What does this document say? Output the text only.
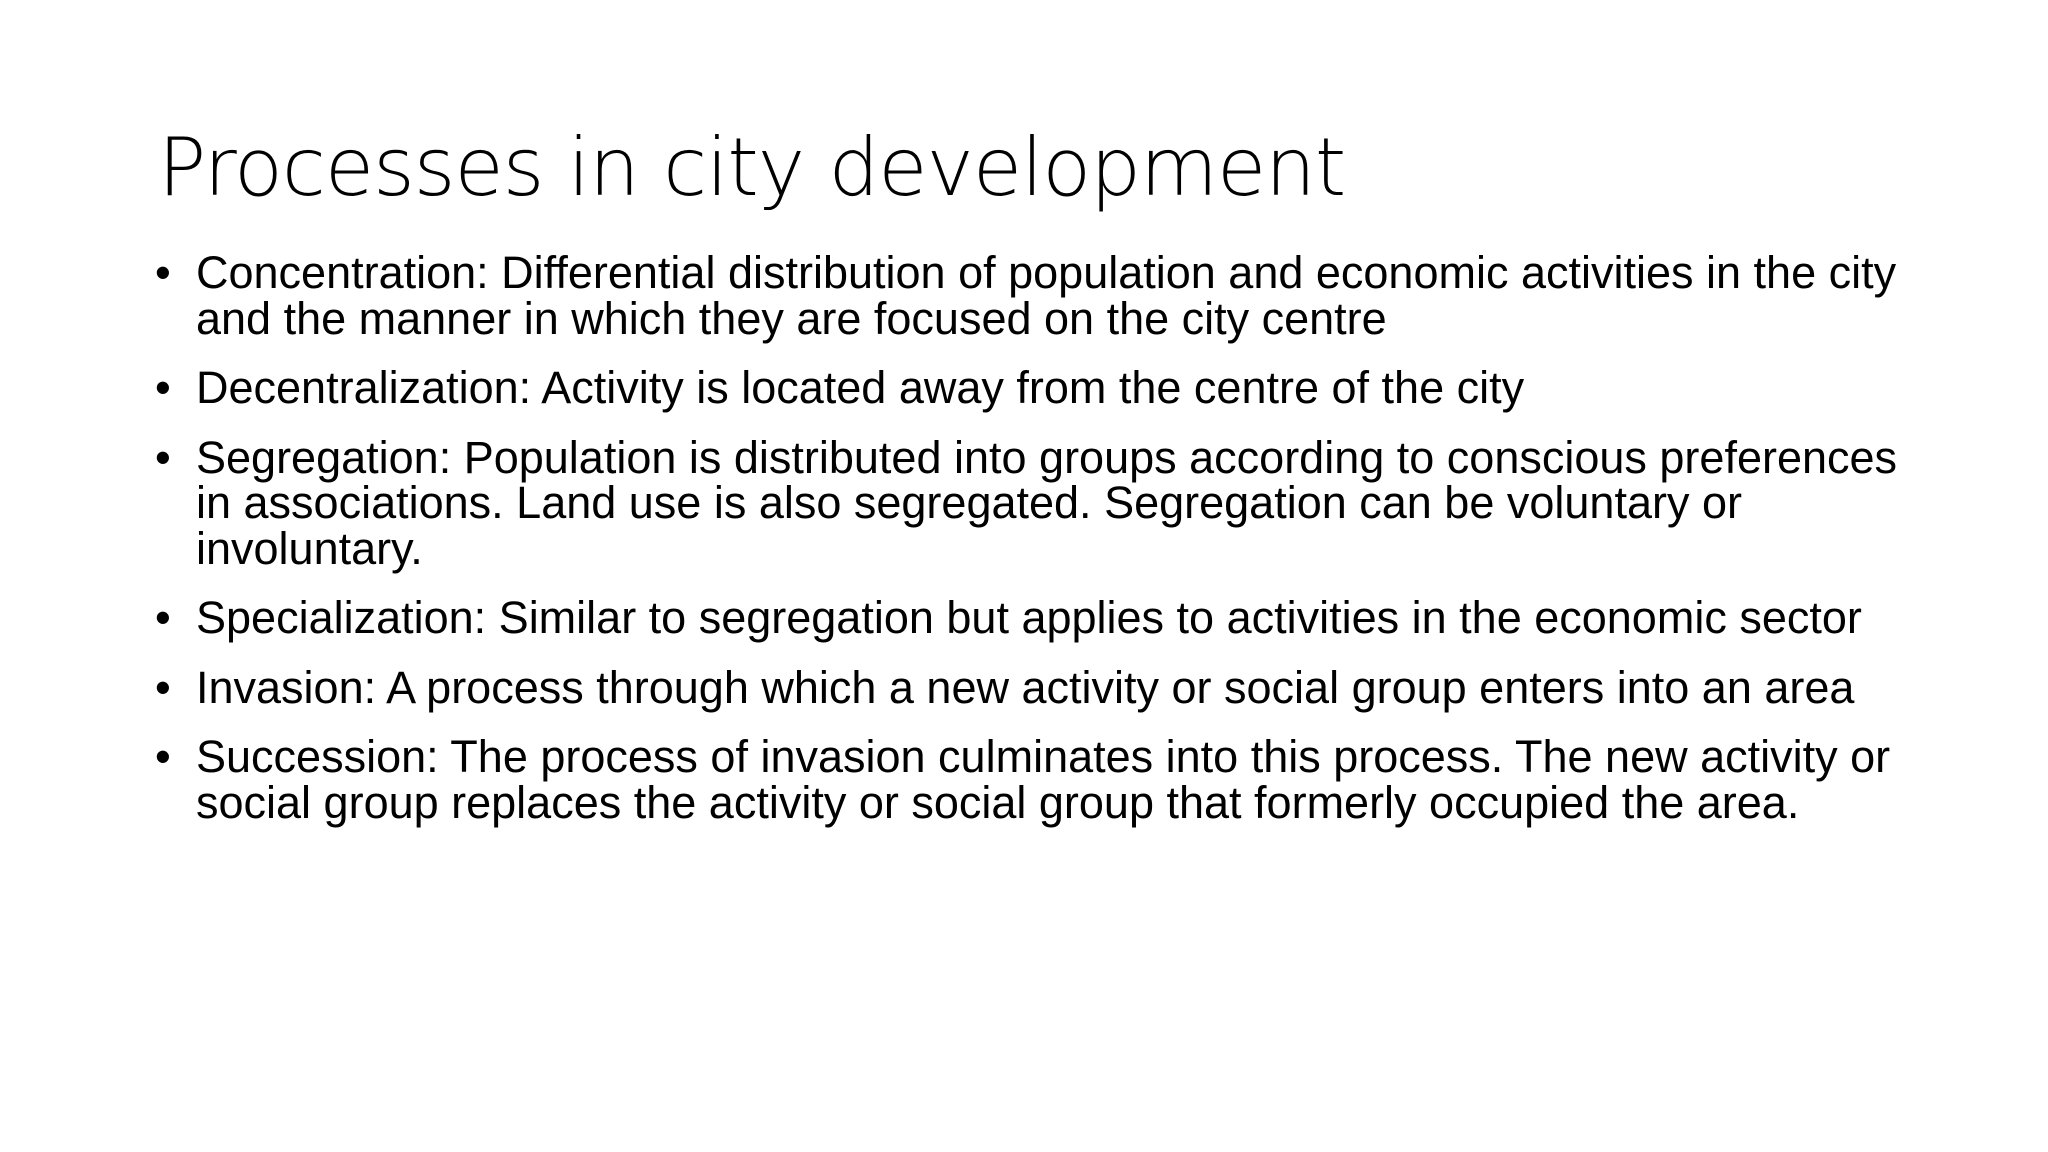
Processes in city development
• Concentration: Differential distribution of population and economic activities in the city and the manner in which they are focused on the city centre
• Decentralization: Activity is located away from the centre of the city
• Segregation: Population is distributed into groups according to conscious preferences in associations. Land use is also segregated. Segregation can be voluntary or involuntary.
• Specialization: Similar to segregation but applies to activities in the economic sector
• Invasion: A process through which a new activity or social group enters into an area
• Succession: The process of invasion culminates into this process. The new activity or social group replaces the activity or social group that formerly occupied the area.
